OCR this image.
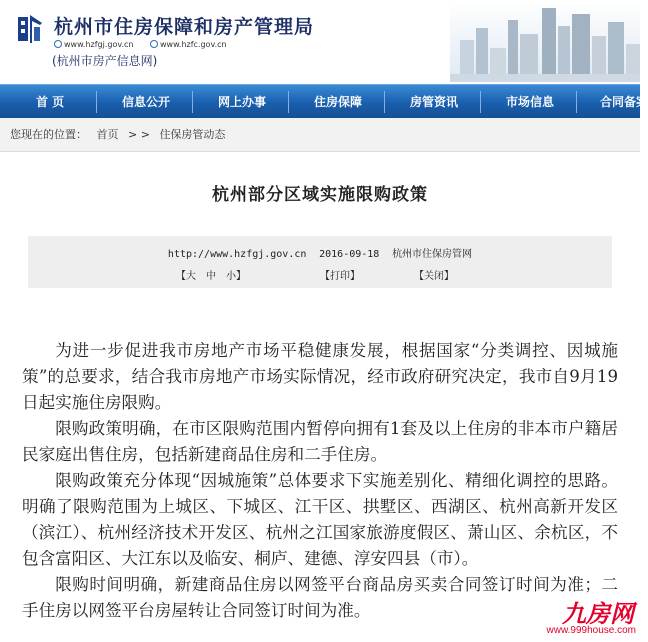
杭州市住房保障和房产管理局
www.hzfgj.gov.cn	www.hzfc.gov.cn
(杭州市房产信息网)
首 页	信息公开	网上办事	住房保障	房管资讯	市场信息	合同备案
您现在的位置： 首页 > > 住保房管动态
杭州部分区域实施限购政策
http://www.hzfgj.gov.cn 2016-09-18 杭州市住保房管网
【大　中　小】	【打印】	【关闭】

为进一步促进我市房地产市场平稳健康发展，根据国家“分类调控、因城施策”的总要求，结合我市房地产市场实际情况，经市政府研究决定，我市自9月19日起实施住房限购。

限购政策明确，在市区限购范围内暂停向拥有1套及以上住房的非本市户籍居民家庭出售住房，包括新建商品住房和二手住房。

限购政策充分体现“因城施策”总体要求下实施差别化、精细化调控的思路。明确了限购范围为上城区、下城区、江干区、拱墅区、西湖区、杭州高新开发区（滨江）、杭州经济技术开发区、杭州之江国家旅游度假区、萧山区、余杭区，不包含富阳区、大江东以及临安、桐庐、建德、淳安四县（市）。

限购时间明确，新建商品住房以网签平台商品房买卖合同签订时间为准；二手住房以网签平台房屋转让合同签订时间为准。	九房网
www.999house.com
